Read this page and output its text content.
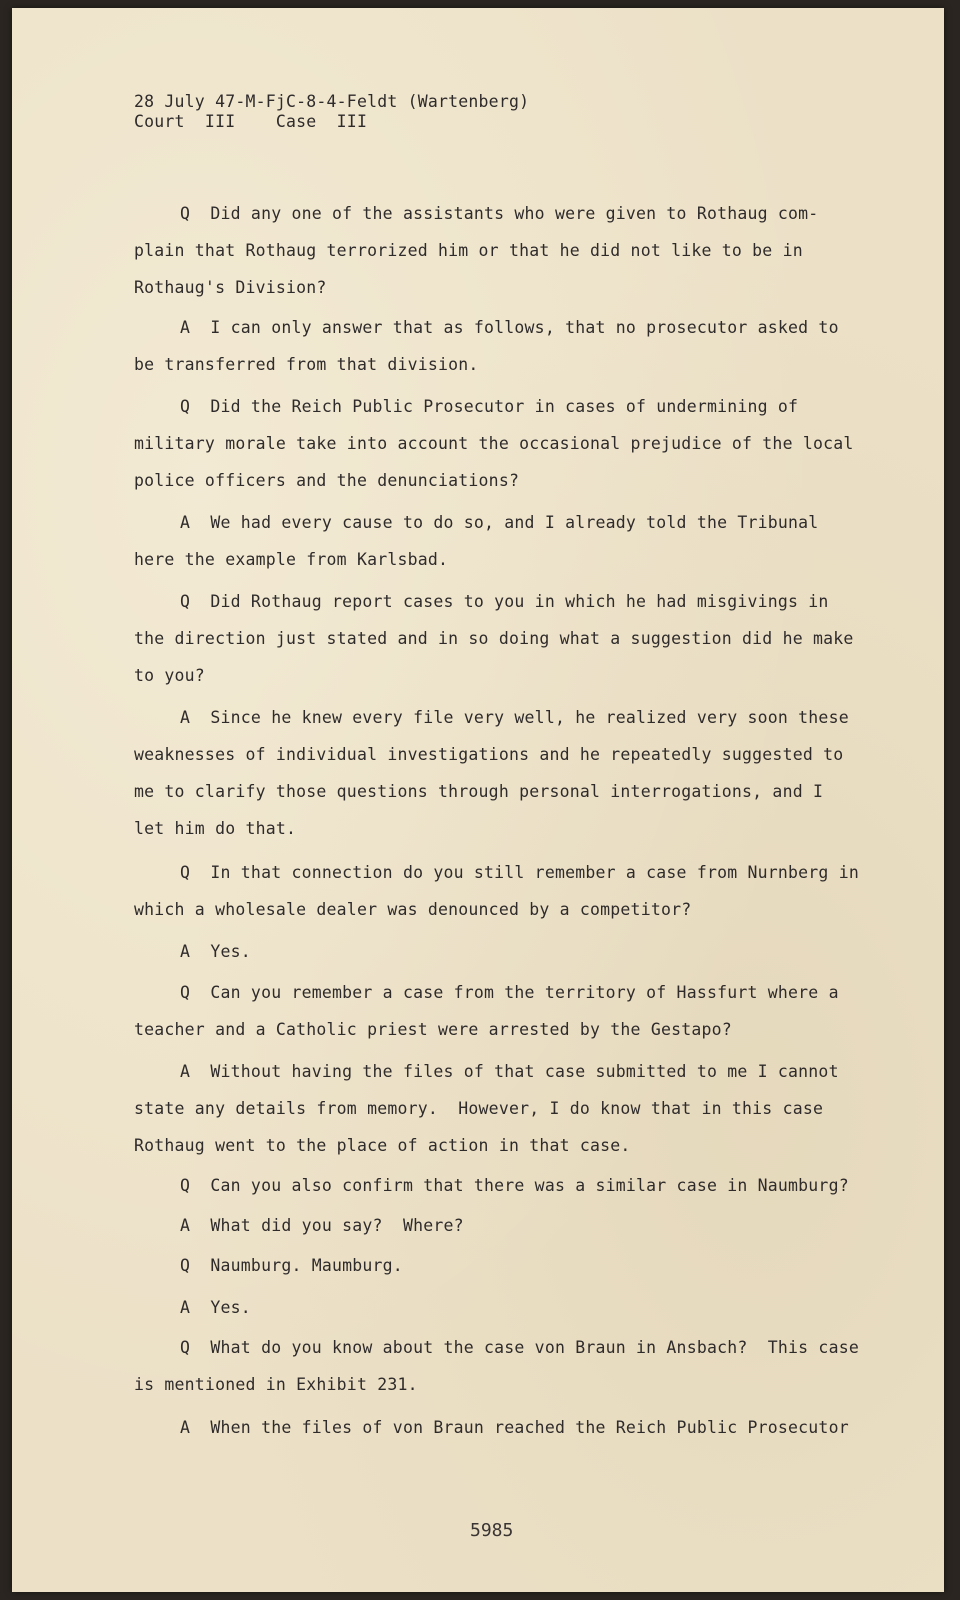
28 July 47-M-FjC-8-4-Feldt (Wartenberg)
Court  III    Case  III
Q  Did any one of the assistants who were given to Rothaug com-
plain that Rothaug terrorized him or that he did not like to be in
Rothaug's Division?
A  I can only answer that as follows, that no prosecutor asked to
be transferred from that division.
Q  Did the Reich Public Prosecutor in cases of undermining of
military morale take into account the occasional prejudice of the local
police officers and the denunciations?
A  We had every cause to do so, and I already told the Tribunal
here the example from Karlsbad.
Q  Did Rothaug report cases to you in which he had misgivings in
the direction just stated and in so doing what a suggestion did he make
to you?
A  Since he knew every file very well, he realized very soon these
weaknesses of individual investigations and he repeatedly suggested to
me to clarify those questions through personal interrogations, and I
let him do that.
Q  In that connection do you still remember a case from Nurnberg in
which a wholesale dealer was denounced by a competitor?
A  Yes.
Q  Can you remember a case from the territory of Hassfurt where a
teacher and a Catholic priest were arrested by the Gestapo?
A  Without having the files of that case submitted to me I cannot
state any details from memory.  However, I do know that in this case
Rothaug went to the place of action in that case.
Q  Can you also confirm that there was a similar case in Naumburg?
A  What did you say?  Where?
Q  Naumburg. Maumburg.
A  Yes.
Q  What do you know about the case von Braun in Ansbach?  This case
is mentioned in Exhibit 231.
A  When the files of von Braun reached the Reich Public Prosecutor
5985
